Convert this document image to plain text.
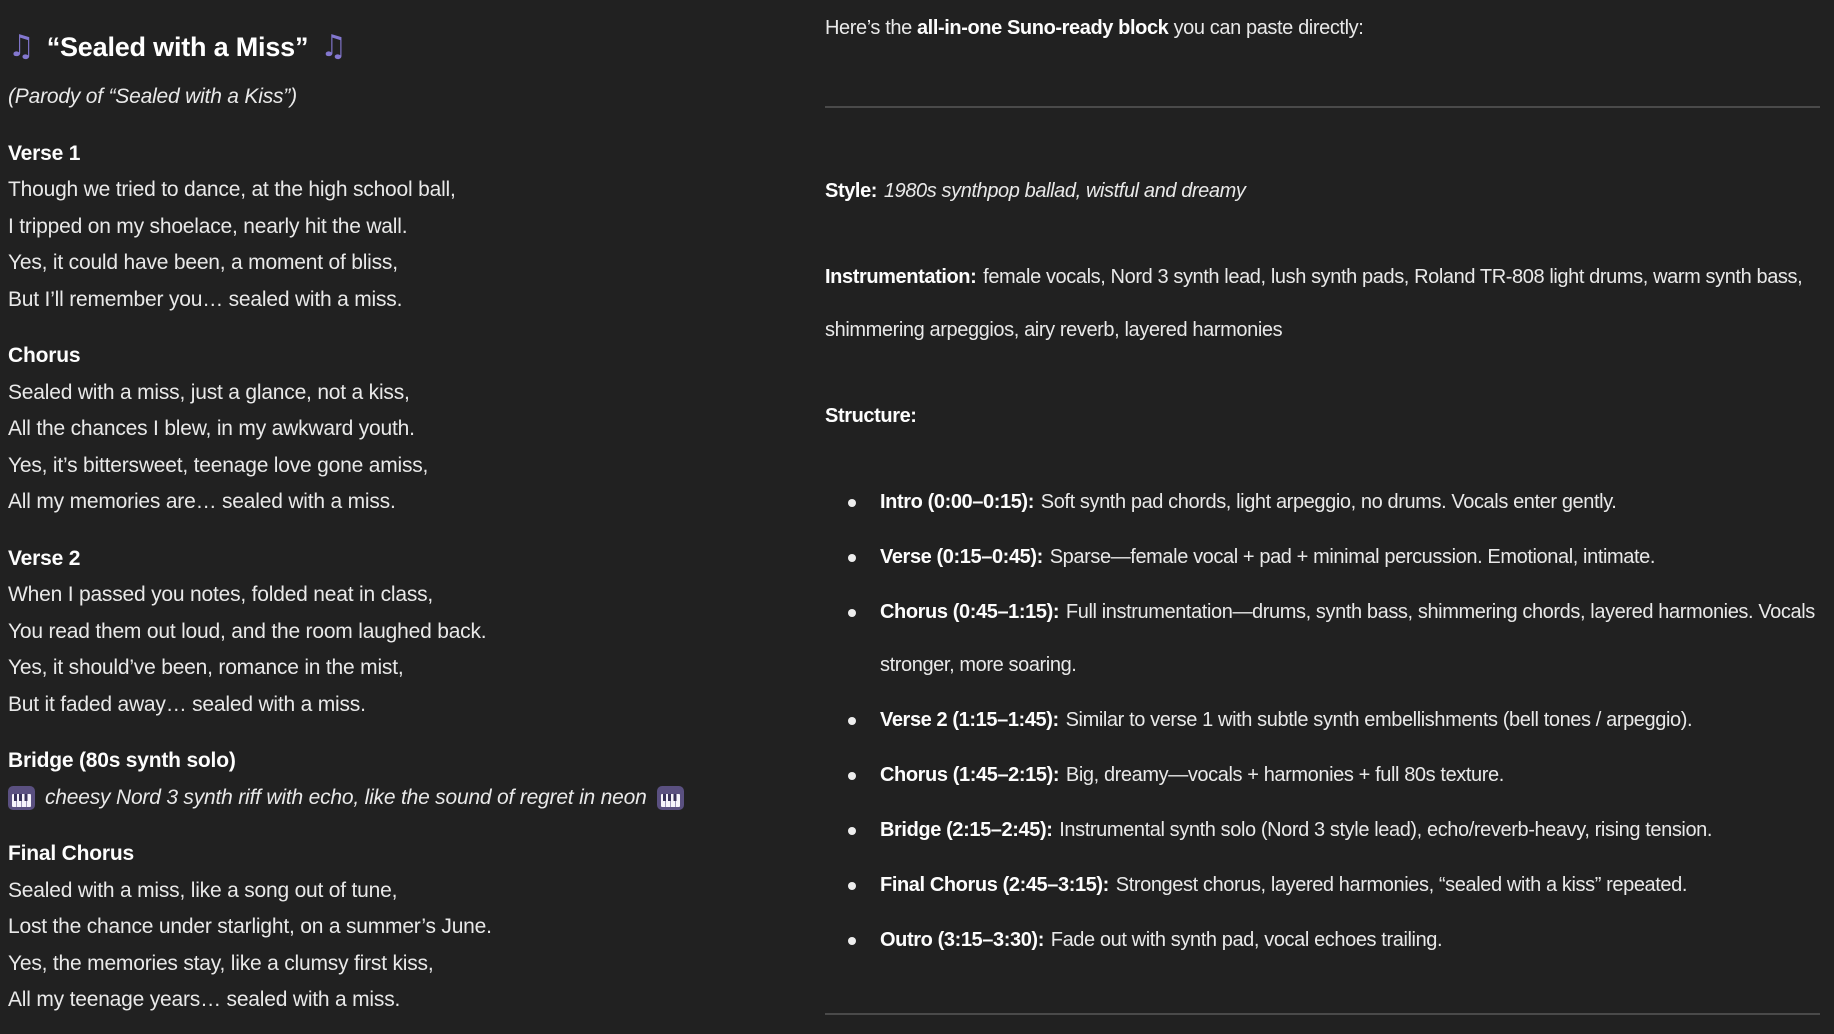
♫ “Sealed with a Miss” ♫

(Parody of “Sealed with a Kiss”)

Verse 1

Though we tried to dance, at the high school ball,
I tripped on my shoelace, nearly hit the wall.
Yes, it could have been, a moment of bliss,
But I’ll remember you… sealed with a miss.

Chorus

Sealed with a miss, just a glance, not a kiss,
All the chances I blew, in my awkward youth.
Yes, it’s bittersweet, teenage love gone amiss,
All my memories are… sealed with a miss.

Verse 2

When I passed you notes, folded neat in class,
You read them out loud, and the room laughed back.
Yes, it should’ve been, romance in the mist,
But it faded away… sealed with a miss.

Bridge (80s synth solo)

cheesy Nord 3 synth riff with echo, like the sound of regret in neon

Final Chorus

Sealed with a miss, like a song out of tune,
Lost the chance under starlight, on a summer’s June.
Yes, the memories stay, like a clumsy first kiss,
All my teenage years… sealed with a miss.

Here’s the all-in-one Suno-ready block you can paste directly:

Style: 1980s synthpop ballad, wistful and dreamy

Instrumentation: female vocals, Nord 3 synth lead, lush synth pads, Roland TR-808 light drums, warm synth bass, shimmering arpeggios, airy reverb, layered harmonies

Structure:

Intro (0:00–0:15): Soft synth pad chords, light arpeggio, no drums. Vocals enter gently.
Verse (0:15–0:45): Sparse—female vocal + pad + minimal percussion. Emotional, intimate.
Chorus (0:45–1:15): Full instrumentation—drums, synth bass, shimmering chords, layered harmonies. Vocals stronger, more soaring.
Verse 2 (1:15–1:45): Similar to verse 1 with subtle synth embellishments (bell tones / arpeggio).
Chorus (1:45–2:15): Big, dreamy—vocals + harmonies + full 80s texture.
Bridge (2:15–2:45): Instrumental synth solo (Nord 3 style lead), echo/reverb-heavy, rising tension.
Final Chorus (2:45–3:15): Strongest chorus, layered harmonies, “sealed with a kiss” repeated.
Outro (3:15–3:30): Fade out with synth pad, vocal echoes trailing.
